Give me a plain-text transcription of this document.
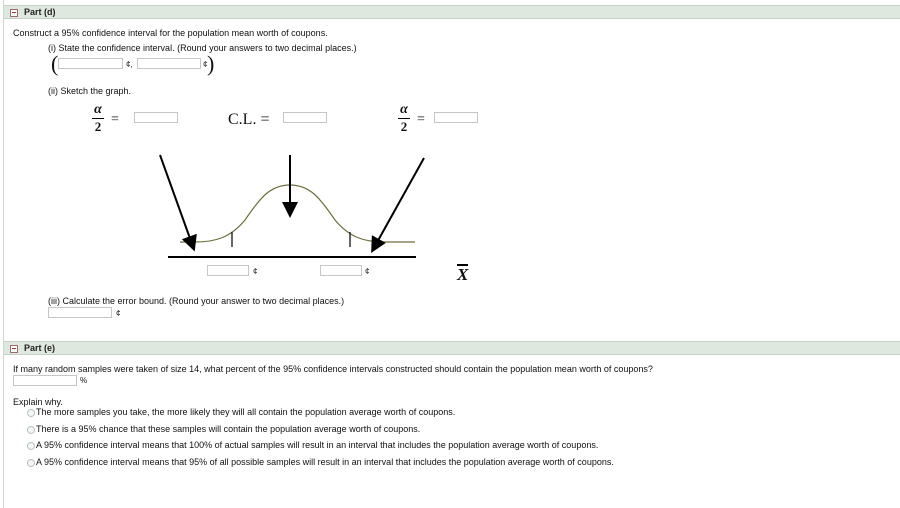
Part (d)
Construct a 95% confidence interval for the population mean worth of coupons.
(i) State the confidence interval. (Round your answers to two decimal places.)
(	¢,	¢ )
(ii) Sketch the graph.
α
2 =	C.L. =
α
2 =
¢	¢	X
(iii) Calculate the error bound. (Round your answer to two decimal places.)
¢
Part (e)
If many random samples were taken of size 14, what percent of the 95% confidence intervals constructed should contain the population mean worth of coupons?
%
Explain why.
The more samples you take, the more likely they will all contain the population average worth of coupons.
There is a 95% chance that these samples will contain the population average worth of coupons.
A 95% confidence interval means that 100% of actual samples will result in an interval that includes the population average worth of coupons.
A 95% confidence interval means that 95% of all possible samples will result in an interval that includes the population average worth of coupons.
